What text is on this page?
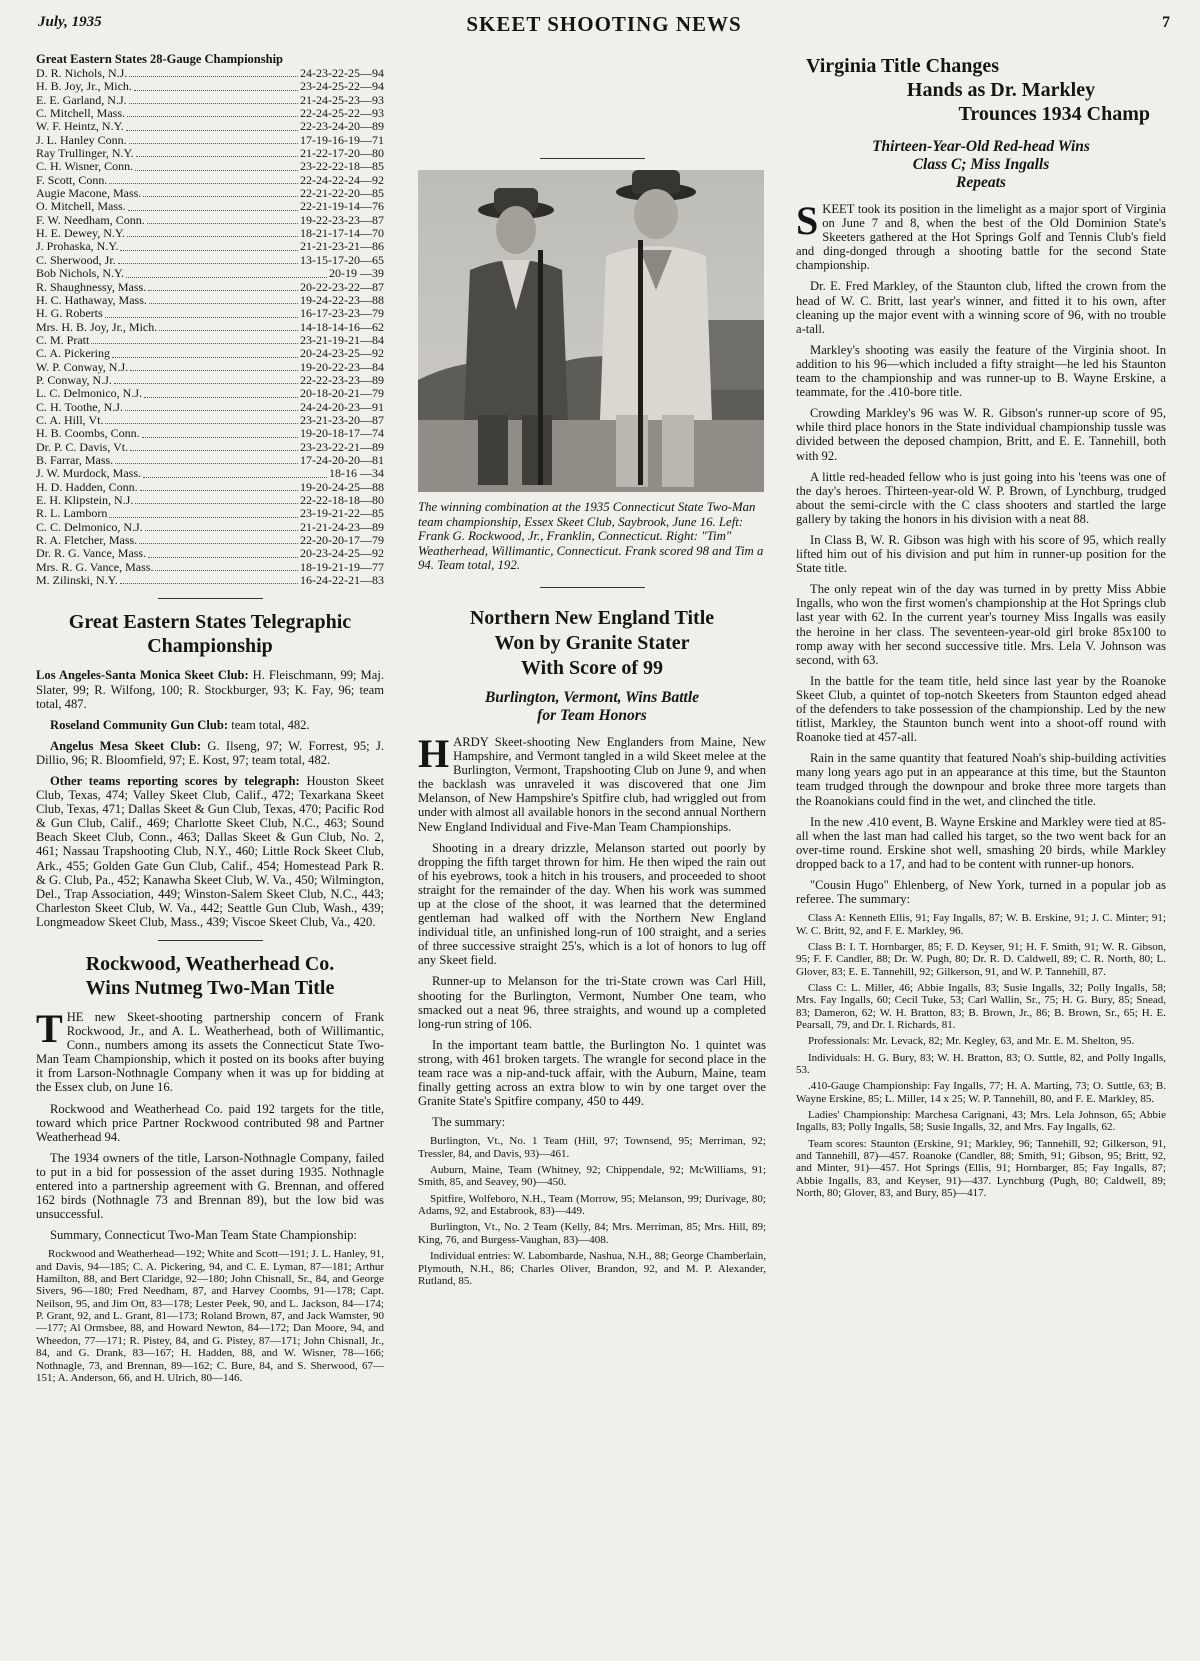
July, 1935	SKEET SHOOTING NEWS	7
Great Eastern States 28-Gauge Championship
D. R. Nichols, N.J.	24-23-22-25—94
H. B. Joy, Jr., Mich.	23-24-25-22—94
E. E. Garland, N.J.	21-24-25-23—93
C. Mitchell, Mass.	22-24-25-22—93
W. F. Heintz, N.Y.	22-23-24-20—89
J. L. Hanley Conn.	17-19-16-19—71
Ray Trullinger, N.Y.	21-22-17-20—80
C. H. Wisner, Conn.	23-22-22-18—85
F. Scott, Conn.	22-24-22-24—92
Augie Macone, Mass.	22-21-22-20—85
O. Mitchell, Mass.	22-21-19-14—76
F. W. Needham, Conn.	19-22-23-23—87
H. E. Dewey, N.Y.	18-21-17-14—70
J. Prohaska, N.Y.	21-21-23-21—86
C. Sherwood, Jr.	13-15-17-20—65
Bob Nichols, N.Y.	20-19 —39
R. Shaughnessy, Mass.	20-22-23-22—87
H. C. Hathaway, Mass.	19-24-22-23—88
H. G. Roberts	16-17-23-23—79
Mrs. H. B. Joy, Jr., Mich.	14-18-14-16—62
C. M. Pratt	23-21-19-21—84
C. A. Pickering	20-24-23-25—92
W. P. Conway, N.J.	19-20-22-23—84
P. Conway, N.J.	22-22-23-23—89
L. C. Delmonico, N.J.	20-18-20-21—79
C. H. Toothe, N.J.	24-24-20-23—91
C. A. Hill, Vt.	23-21-23-20—87
H. B. Coombs, Conn.	19-20-18-17—74
Dr. P. C. Davis, Vt.	23-23-22-21—89
B. Farrar, Mass.	17-24-20-20—81
J. W. Murdock, Mass.	18-16 —34
H. D. Hadden, Conn.	19-20-24-25—88
E. H. Klipstein, N.J.	22-22-18-18—80
R. L. Lamborn	23-19-21-22—85
C. C. Delmonico, N.J.	21-21-24-23—89
R. A. Fletcher, Mass.	22-20-20-17—79
Dr. R. G. Vance, Mass.	20-23-24-25—92
Mrs. R. G. Vance, Mass.	18-19-21-19—77
M. Zilinski, N.Y.	16-24-22-21—83
Great Eastern States Telegraphic
Championship

Los Angeles-Santa Monica Skeet Club: H. Fleischmann, 99; Maj. Slater, 99; R. Wilfong, 100; R. Stockburger, 93; K. Fay, 96; team total, 487.

Roseland Community Gun Club: team total, 482.

Angelus Mesa Skeet Club: G. Ilseng, 97; W. Forrest, 95; J. Dillio, 96; R. Bloomfield, 97; E. Kost, 97; team total, 482.

Other teams reporting scores by telegraph: Houston Skeet Club, Texas, 474; Valley Skeet Club, Calif., 472; Texarkana Skeet Club, Texas, 471; Dallas Skeet & Gun Club, Texas, 470; Pacific Rod & Gun Club, Calif., 469; Charlotte Skeet Club, N.C., 463; Sound Beach Skeet Club, Conn., 463; Dallas Skeet & Gun Club, No. 2, 461; Nassau Trapshooting Club, N.Y., 460; Little Rock Skeet Club, Ark., 455; Golden Gate Gun Club, Calif., 454; Homestead Park R. & G. Club, Pa., 452; Kanawha Skeet Club, W. Va., 450; Wilmington, Del., Trap Association, 449; Winston-Salem Skeet Club, N.C., 443; Charleston Skeet Club, W. Va., 442; Seattle Gun Club, Wash., 439; Longmeadow Skeet Club, Mass., 439; Viscoe Skeet Club, Va., 420.

Rockwood, Weatherhead Co.
Wins Nutmeg Two-Man Title

THE new Skeet-shooting partnership concern of Frank Rockwood, Jr., and A. L. Weatherhead, both of Willimantic, Conn., numbers among its assets the Connecticut State Two-Man Team Championship, which it posted on its books after buying it from Larson-Nothnagle Company when it was up for bidding at the Essex club, on June 16.

Rockwood and Weatherhead Co. paid 192 targets for the title, toward which price Partner Rockwood contributed 98 and Partner Weatherhead 94.

The 1934 owners of the title, Larson-Nothnagle Company, failed to put in a bid for possession of the asset during 1935. Nothnagle entered into a partnership agreement with G. Brennan, and offered 162 birds (Nothnagle 73 and Brennan 89), but the low bid was unsuccessful.

Summary, Connecticut Two-Man Team State Championship:

Rockwood and Weatherhead—192; White and Scott—191; J. L. Hanley, 91, and Davis, 94—185; C. A. Pickering, 94, and C. E. Lyman, 87—181; Arthur Hamilton, 88, and Bert Claridge, 92—180; John Chisnall, Sr., 84, and George Sivers, 96—180; Fred Needham, 87, and Harvey Coombs, 91—178; Capt. Neilson, 95, and Jim Ott, 83—178; Lester Peek, 90, and L. Jackson, 84—174; P. Grant, 92, and L. Grant, 81—173; Roland Brown, 87, and Jack Wamster, 90—177; Al Ormsbee, 88, and Howard Newton, 84—172; Dan Moore, 94, and Wheedon, 77—171; R. Pistey, 84, and G. Pistey, 87—171; John Chisnall, Jr., 84, and G. Drank, 83—167; H. Hadden, 88, and W. Wisner, 78—166; Nothnagle, 73, and Brennan, 89—162; C. Bure, 84, and S. Sherwood, 67—151; A. Anderson, 66, and H. Ulrich, 80—146.

The winning combination at the 1935 Connecticut State Two-Man team championship, Essex Skeet Club, Saybrook, June 16. Left: Frank G. Rockwood, Jr., Franklin, Connecticut. Right: "Tim" Weatherhead, Willimantic, Connecticut. Frank scored 98 and Tim a 94. Team total, 192.
Northern New England Title
Won by Granite Stater
With Score of 99
Burlington, Vermont, Wins Battle
for Team Honors

HARDY Skeet-shooting New Englanders from Maine, New Hampshire, and Vermont tangled in a wild Skeet melee at the Burlington, Vermont, Trapshooting Club on June 9, and when the backlash was unraveled it was discovered that one Jim Melanson, of New Hampshire's Spitfire club, had wriggled out from under with almost all available honors in the second annual Northern New England Individual and Five-Man Team Championships.

Shooting in a dreary drizzle, Melanson started out poorly by dropping the fifth target thrown for him. He then wiped the rain out of his eyebrows, took a hitch in his trousers, and proceeded to shoot straight for the remainder of the day. When his work was summed up at the close of the shoot, it was learned that the determined gentleman had walked off with the Northern New England individual title, an unfinished long-run of 100 straight, and a series of three successive straight 25's, which is a lot of honors to lug off any Skeet field.

Runner-up to Melanson for the tri-State crown was Carl Hill, shooting for the Burlington, Vermont, Number One team, who smacked out a neat 96, three straights, and wound up a completed long-run string of 106.

In the important team battle, the Burlington No. 1 quintet was strong, with 461 broken targets. The wrangle for second place in the team race was a nip-and-tuck affair, with the Auburn, Maine, team finally getting across an extra blow to win by one target over the Granite State's Spitfire company, 450 to 449.

The summary:

Burlington, Vt., No. 1 Team (Hill, 97; Townsend, 95; Merriman, 92; Tressler, 84, and Davis, 93)—461.

Auburn, Maine, Team (Whitney, 92; Chippendale, 92; McWilliams, 91; Smith, 85, and Seavey, 90)—450.

Spitfire, Wolfeboro, N.H., Team (Morrow, 95; Melanson, 99; Durivage, 80; Adams, 92, and Estabrook, 83)—449.

Burlington, Vt., No. 2 Team (Kelly, 84; Mrs. Merriman, 85; Mrs. Hill, 89; King, 76, and Burgess-Vaughan, 83)—408.

Individual entries: W. Labombarde, Nashua, N.H., 88; George Chamberlain, Plymouth, N.H., 86; Charles Oliver, Brandon, 92, and M. P. Alexander, Rutland, 85.

Virginia Title Changes
Hands as Dr. Markley
Trounces 1934 Champ
Thirteen-Year-Old Red-head Wins
Class C; Miss Ingalls
Repeats

SKEET took its position in the limelight as a major sport of Virginia on June 7 and 8, when the best of the Old Dominion State's Skeeters gathered at the Hot Springs Golf and Tennis Club's field and ding-donged through a shooting battle for the second State championship.

Dr. E. Fred Markley, of the Staunton club, lifted the crown from the head of W. C. Britt, last year's winner, and fitted it to his own, after cleaning up the major event with a winning score of 96, with no trouble a-tall.

Markley's shooting was easily the feature of the Virginia shoot. In addition to his 96—which included a fifty straight—he led his Staunton team to the championship and was runner-up to B. Wayne Erskine, a teammate, for the .410-bore title.

Crowding Markley's 96 was W. R. Gibson's runner-up score of 95, while third place honors in the State individual championship tussle was divided between the deposed champion, Britt, and E. E. Tannehill, both with 92.

A little red-headed fellow who is just going into his 'teens was one of the day's heroes. Thirteen-year-old W. P. Brown, of Lynchburg, trudged about the semi-circle with the C class shooters and startled the large gallery by taking the honors in his division with a neat 88.

In Class B, W. R. Gibson was high with his score of 95, which really lifted him out of his division and put him in runner-up position for the State title.

The only repeat win of the day was turned in by pretty Miss Abbie Ingalls, who won the first women's championship at the Hot Springs club last year with 62. In the current year's tourney Miss Ingalls was easily the heroine in her class. The seventeen-year-old girl broke 85x100 to romp away with her second successive title. Mrs. Lela V. Johnson was second, with 63.

In the battle for the team title, held since last year by the Roanoke Skeet Club, a quintet of top-notch Skeeters from Staunton edged ahead of the defenders to take possession of the championship. Led by the new titlist, Markley, the Staunton bunch went into a shoot-off round with Roanoke tied at 457-all.

Rain in the same quantity that featured Noah's ship-building activities many long years ago put in an appearance at this time, but the Staunton team trudged through the downpour and broke three more targets than the Roanokians could find in the wet, and clinched the title.

In the new .410 event, B. Wayne Erskine and Markley were tied at 85-all when the last man had called his target, so the two went back for an over-time round. Erskine shot well, smashing 20 birds, while Markley dropped back to a 17, and had to be content with runner-up honors.

"Cousin Hugo" Ehlenberg, of New York, turned in a popular job as referee. The summary:

Class A: Kenneth Ellis, 91; Fay Ingalls, 87; W. B. Erskine, 91; J. C. Minter; 91; W. C. Britt, 92, and F. E. Markley, 96.

Class B: I. T. Hornbarger, 85; F. D. Keyser, 91; H. F. Smith, 91; W. R. Gibson, 95; F. F. Candler, 88; Dr. W. Pugh, 80; Dr. R. D. Caldwell, 89; C. R. North, 80; L. Glover, 83; E. E. Tannehill, 92; Gilkerson, 91, and W. P. Tannehill, 87.

Class C: L. Miller, 46; Abbie Ingalls, 83; Susie Ingalls, 32; Polly Ingalls, 58; Mrs. Fay Ingalls, 60; Cecil Tuke, 53; Carl Wallin, Sr., 75; H. G. Bury, 85; Snead, 83; Dameron, 62; W. H. Bratton, 83; B. Brown, Jr., 86; B. Brown, Sr., 65; H. E. Pearsall, 79, and Dr. I. Richards, 81.

Professionals: Mr. Levack, 82; Mr. Kegley, 63, and Mr. E. M. Shelton, 95.

Individuals: H. G. Bury, 83; W. H. Bratton, 83; O. Suttle, 82, and Polly Ingalls, 53.

.410-Gauge Championship: Fay Ingalls, 77; H. A. Marting, 73; O. Suttle, 63; B. Wayne Erskine, 85; L. Miller, 14 x 25; W. P. Tannehill, 80, and F. E. Markley, 85.

Ladies' Championship: Marchesa Carignani, 43; Mrs. Lela Johnson, 65; Abbie Ingalls, 83; Polly Ingalls, 58; Susie Ingalls, 32, and Mrs. Fay Ingalls, 62.

Team scores: Staunton (Erskine, 91; Markley, 96; Tannehill, 92; Gilkerson, 91, and Tannehill, 87)—457. Roanoke (Candler, 88; Smith, 91; Gibson, 95; Britt, 92, and Minter, 91)—457. Hot Springs (Ellis, 91; Hornbarger, 85; Fay Ingalls, 87; Abbie Ingalls, 83, and Keyser, 91)—437. Lynchburg (Pugh, 80; Caldwell, 89; North, 80; Glover, 83, and Bury, 85)—417.
